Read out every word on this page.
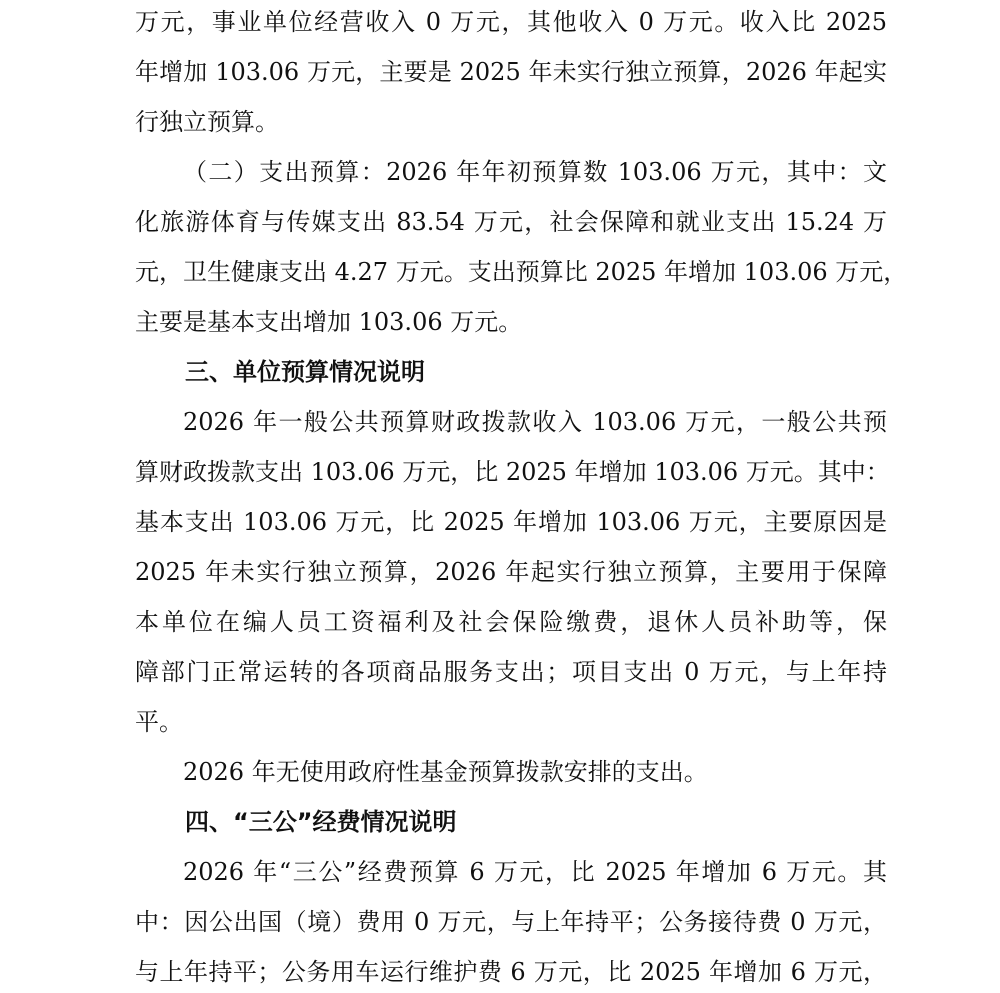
万元，事业单位经营收入 0 万元，其他收入 0 万元。收入比 2025
年增加 103.06 万元，主要是 2025 年未实行独立预算，2026 年起实
行独立预算。
（二）支出预算：2026 年年初预算数 103.06 万元，其中：文
化旅游体育与传媒支出 83.54 万元，社会保障和就业支出 15.24 万
元，卫生健康支出 4.27 万元。支出预算比 2025 年增加 103.06 万元，
主要是基本支出增加 103.06 万元。
三、单位预算情况说明
2026 年一般公共预算财政拨款收入 103.06 万元，一般公共预
算财政拨款支出 103.06 万元，比 2025 年增加 103.06 万元。其中：
基本支出 103.06 万元，比 2025 年增加 103.06 万元，主要原因是
2025 年未实行独立预算，2026 年起实行独立预算，主要用于保障
本单位在编人员工资福利及社会保险缴费，退休人员补助等，保
障部门正常运转的各项商品服务支出；项目支出 0 万元，与上年持
平。
2026 年无使用政府性基金预算拨款安排的支出。
四、“三公”经费情况说明
2026 年“三公”经费预算 6 万元，比 2025 年增加 6 万元。其
中：因公出国（境）费用 0 万元，与上年持平；公务接待费 0 万元，
与上年持平；公务用车运行维护费 6 万元，比 2025 年增加 6 万元，
